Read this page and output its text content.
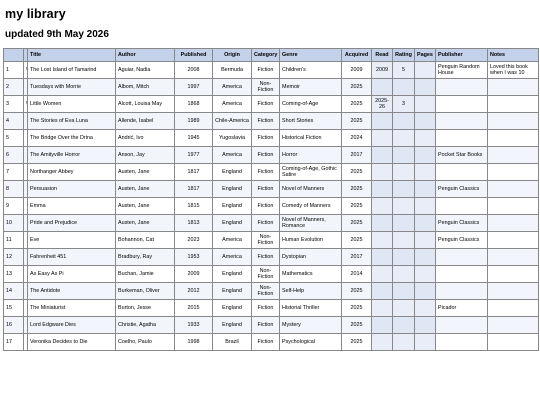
my library
updated 9th May 2026
		Title	Author	Published	Origin	Category	Genre	Acquired	Read	Rating	Pages	Publisher	Notes
1	\	The Lost Island of Tamarind	Aguiar, Nadia	2008	Bermuda	Fiction	Children's	2009	2009	5		Penguin Random House	Loved this book when I was 10
2		Tuesdays with Morrie	Albom, Mitch	1997	America	Non-Fiction	Memoir	2025					
3	\	Little Women	Alcott, Louisa May	1868	America	Fiction	Coming-of-Age	2025	2025-26	3			
4		The Stories of Eva Luna	Allende, Isabel	1989	Chile-America	Fiction	Short Stories	2025					
5		The Bridge Over the Drina	Andrić, Ivo	1945	Yugoslavia	Fiction	Historical Fiction	2024					
6		The Amityville Horror	Anson, Jay	1977	America	Fiction	Horror	2017				Pocket Star Books	
7		Northanger Abbey	Austen, Jane	1817	England	Fiction	Coming-of-Age, Gothic Satire	2025					
8		Persuasion	Austen, Jane	1817	England	Fiction	Novel of Manners	2025				Penguin Classics	
9		Emma	Austen, Jane	1815	England	Fiction	Comedy of Manners	2025					
10		Pride and Prejudice	Austen, Jane	1813	England	Fiction	Novel of Manners, Romance	2025				Penguin Classics	
11		Eve	Bohannon, Cat	2023	America	Non-Fiction	Human Evolution	2025				Penguin Classics	
12		Fahrenheit 451	Bradbury, Ray	1953	America	Fiction	Dystopian	2017					
13		As Easy As Pi	Buchan, Jamie	2009	England	Non-Fiction	Mathematics	2014					
14		The Antidote	Burkeman, Oliver	2012	England	Non-Fiction	Self-Help	2025					
15		The Miniaturist	Burton, Jesse	2015	England	Fiction	Historial Thriller	2025				Picador	
16		Lord Edgware Dies	Christie, Agatha	1933	England	Fiction	Mystery	2025					
17		Veronika Decides to Die	Coelho, Paulo	1998	Brazil	Fiction	Psychological	2025					
